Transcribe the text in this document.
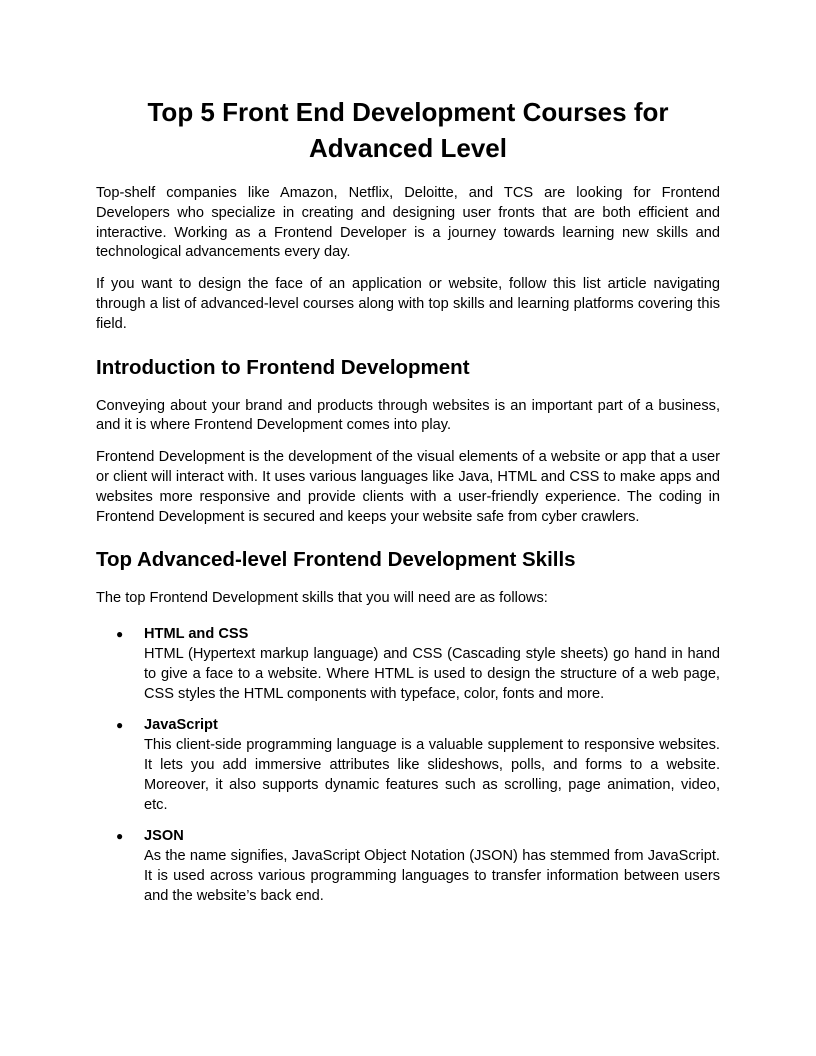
Top 5 Front End Development Courses for
Advanced Level

Top-shelf companies like Amazon, Netflix, Deloitte, and TCS are looking for Frontend Developers who specialize in creating and designing user fronts that are both efficient and interactive. Working as a Frontend Developer is a journey towards learning new skills and technological advancements every day.

If you want to design the face of an application or website, follow this list article navigating through a list of advanced-level courses along with top skills and learning platforms covering this field.

Introduction to Frontend Development

Conveying about your brand and products through websites is an important part of a business, and it is where Frontend Development comes into play.

Frontend Development is the development of the visual elements of a website or app that a user or client will interact with. It uses various languages like Java, HTML and CSS to make apps and websites more responsive and provide clients with a user-friendly experience. The coding in Frontend Development is secured and keeps your website safe from cyber crawlers.

Top Advanced-level Frontend Development Skills

The top Frontend Development skills that you will need are as follows:

● HTML and CSS
HTML (Hypertext markup language) and CSS (Cascading style sheets) go hand in hand to give a face to a website. Where HTML is used to design the structure of a web page, CSS styles the HTML components with typeface, color, fonts and more.
● JavaScript
This client-side programming language is a valuable supplement to responsive websites. It lets you add immersive attributes like slideshows, polls, and forms to a website. Moreover, it also supports dynamic features such as scrolling, page animation, video, etc.
● JSON
As the name signifies, JavaScript Object Notation (JSON) has stemmed from JavaScript. It is used across various programming languages to transfer information between users and the website’s back end.
